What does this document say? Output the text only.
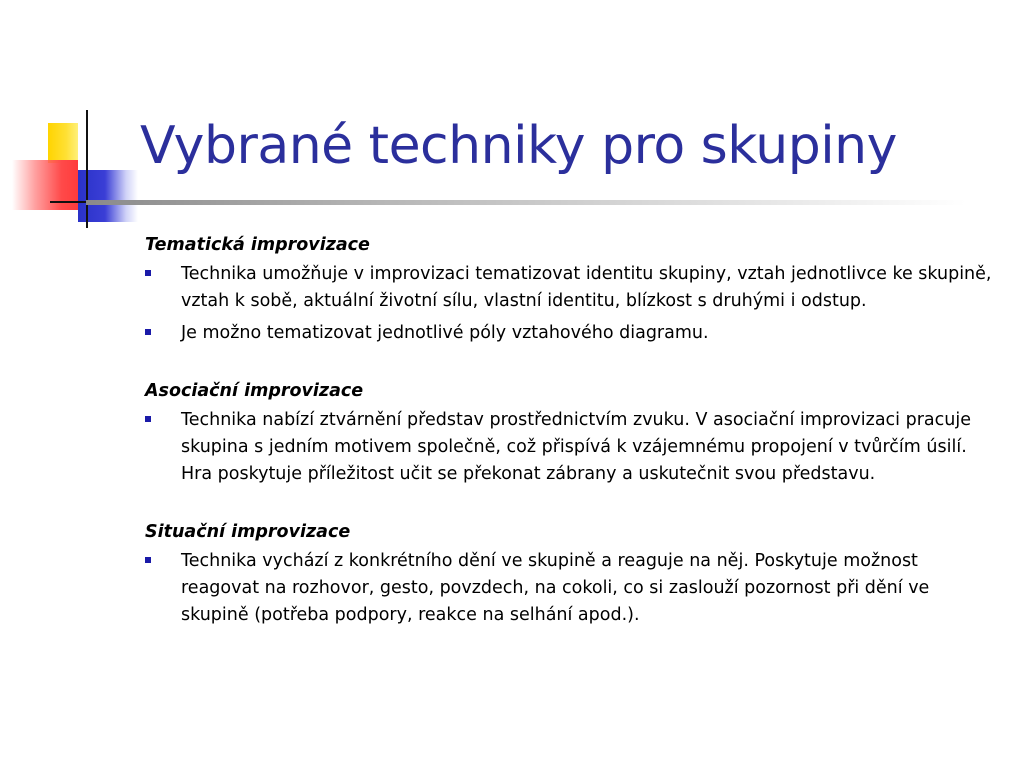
Vybrané techniky pro skupiny
Tematická improvizace
Technika umožňuje v improvizaci tematizovat identitu skupiny, vztah jednotlivce ke skupině, vztah k sobě, aktuální životní sílu, vlastní identitu, blízkost s druhými i odstup.
Je možno tematizovat jednotlivé póly vztahového diagramu.
Asociační improvizace
Technika nabízí ztvárnění představ prostřednictvím zvuku. V asociační improvizaci pracuje skupina s jedním motivem společně, což přispívá k vzájemnému propojení v tvůrčím úsilí. Hra poskytuje příležitost učit se překonat zábrany a uskutečnit svou představu.
Situační improvizace
Technika vychází z konkrétního dění ve skupině a reaguje na něj. Poskytuje možnost reagovat na rozhovor, gesto, povzdech, na cokoli, co si zaslouží pozornost při dění ve skupině (potřeba podpory, reakce na selhání apod.).
